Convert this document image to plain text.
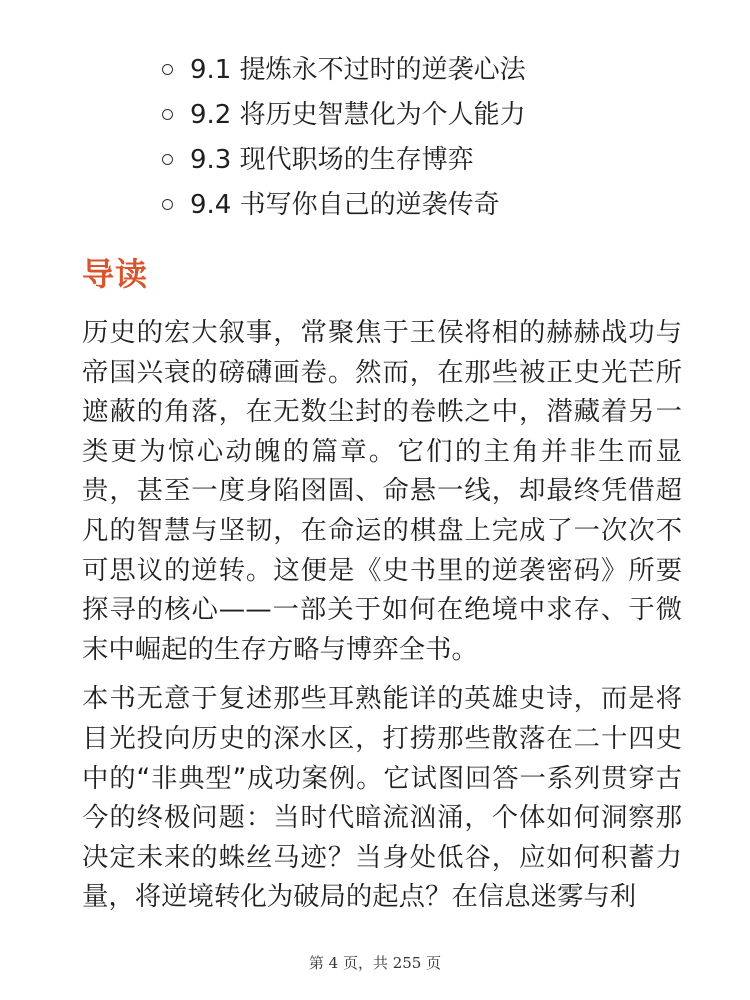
9.1 提炼永不过时的逆袭心法
9.2 将历史智慧化为个人能力
9.3 现代职场的生存博弈
9.4 书写你自己的逆袭传奇
导读

历史的宏大叙事，常聚焦于王侯将相的赫赫战功与帝国兴衰的磅礴画卷。然而，在那些被正史光芒所遮蔽的角落，在无数尘封的卷帙之中，潜藏着另一类更为惊心动魄的篇章。它们的主角并非生而显贵，甚至一度身陷囹圄、命悬一线，却最终凭借超凡的智慧与坚韧，在命运的棋盘上完成了一次次不可思议的逆转。这便是《史书里的逆袭密码》所要探寻的核心——一部关于如何在绝境中求存、于微末中崛起的生存方略与博弈全书。

本书无意于复述那些耳熟能详的英雄史诗，而是将目光投向历史的深水区，打捞那些散落在二十四史中的“非典型”成功案例。它试图回答一系列贯穿古今的终极问题：当时代暗流汹涌，个体如何洞察那决定未来的蛛丝马迹？当身处低谷，应如何积蓄力量，将逆境转化为破局的起点？在信息迷雾与利

第 4 页，共 255 页
